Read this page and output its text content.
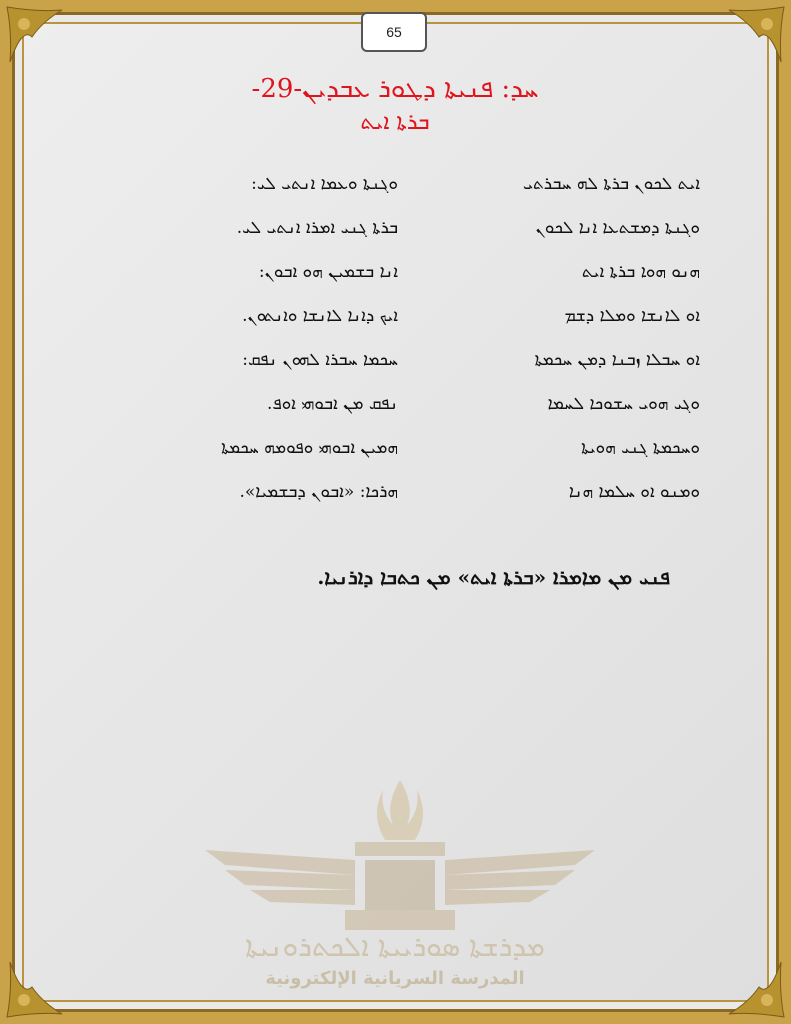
65
ܚܕ: ܦܢܝܬܐ ܕܛܘܪ ܥܒܕܝܢ-29-
ܒܪܬܐ ܐܝܬ
ܐܝܬ ܠܟܘܢ ܒܪܬܐ ܠܗ ܚܒܪܬܝ
ܘܓܢܬܐ ܘܥܡܐ ܐܢܬܝ ܠܝ:
ܘܓܢܬܐ ܕܡܫܬܥܐ ܐܢܐ ܠܟܘܢ
ܒܪܬܐ ܓܢܝ ܐܡܪܐ ܐܢܬܝ ܠܝ.
ܗܢܘ ܗܘܐ ܒܪܬܐ ܐܝܬ
ܐܢܐ ܒܫܡܝܢ ܗܘ ܐܒܘܢ:
ܐܘ ܠܐܢܫܐ ܘܡܠܐ ܕܫܡ
ܐܝܟ ܕܐܢܐ ܠܐܢܫܐ ܘܐܢܬܘܢ.
ܐܘ ܚܒܠܐ ܙܒܢܐ ܕܡܢ ܚܟܡܬܐ
ܚܟܡܐ ܚܒܪܐ ܠܗܘܢ ܢܦܩ:
ܘܓܝ ܗܘܝ ܚܫܘܟܐ ܠܚܡܐ
ܢܦܩ ܡܢ ܐܒܘܗܝ ܐܘܦ.
ܘܚܟܡܬܐ ܓܢܝ ܗܘܝܬܐ
ܗܡܝܢ ܐܒܘܗܝ ܘܦܘܡܗ ܚܟܡܬܐ
ܘܡܢܘ ܐܘ ܚܠܡܐ ܗܢܐ
ܗܪܟܐ: «ܐܒܘܢ ܕܒܫܡܝܐ».
ܦܢܝ ܡܢ ܡܐܡܪܐ «ܒܪܬܐ ܐܝܬ» ܡܢ ܟܬܒܐ ܕܐܪܢܝܐ.
ܡܕܪܫܬܐ ܣܘܪܝܝܬܐ ܐܠܟܬܪܘܢܝܬܐ
المدرسة السريانية الإلكترونية
